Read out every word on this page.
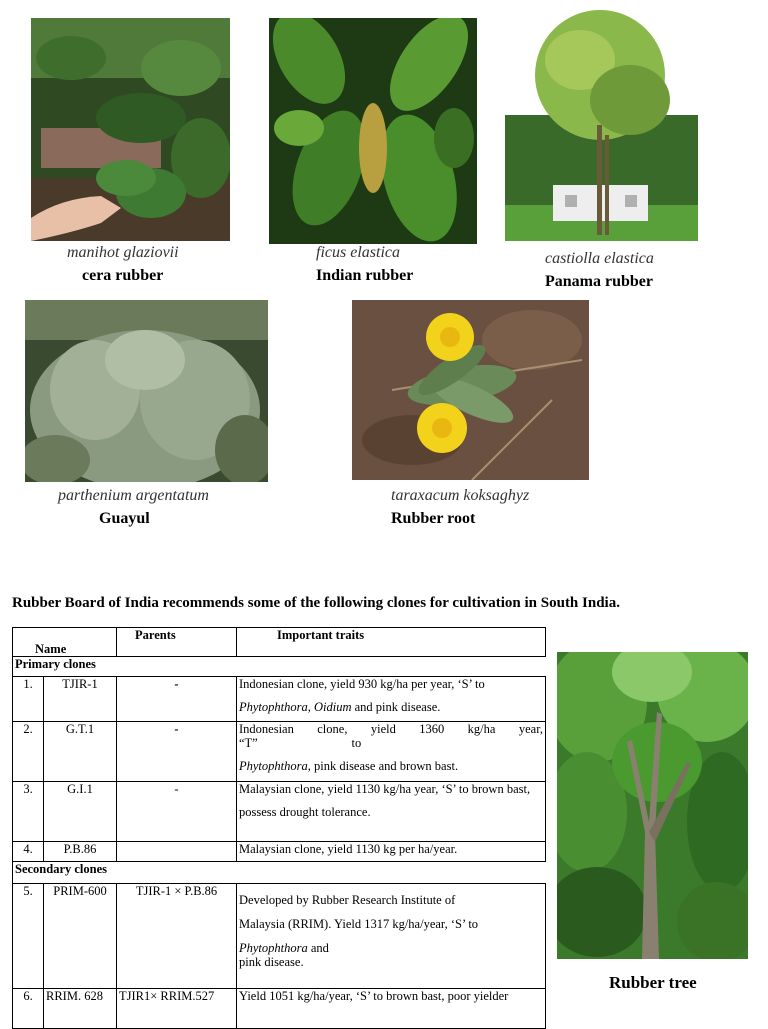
manihot glaziovii
cera rubber
ficus elastica
Indian rubber
castiolla elastica
Panama rubber
parthenium argentatum
Guayul
taraxacum koksaghyz
Rubber root
Rubber Board of India recommends some of the following clones for cultivation in South India.
Name		Parents	Important traits
Primary clones			
1.	TJIR-1	-	Indonesian clone, yield 930 kg/ha per year, ‘S’ to
Phytophthora, Oidium and pink disease.

2.	G.T.1	-	Indonesian clone, yield 1360 kg/ha year,
“T”                              to
Phytophthora, pink disease and brown bast.

3.	G.I.1	-	Malaysian clone, yield 1130 kg/ha year, ‘S’ to brown bast,
possess drought tolerance.

4.	P.B.86		Malaysian clone, yield 1130 kg per ha/year.
Secondary clones			
5.	PRIM-600	TJIR-1 × P.B.86	Developed by Rubber Research Institute of
Malaysia (RRIM). Yield 1317 kg/ha/year, ‘S’ to
Phytophthora and
pink disease.

6.	RRIM. 628	TJIR1× RRIM.527	Yield 1051 kg/ha/year, ‘S’ to brown bast, poor yielder
Rubber tree
